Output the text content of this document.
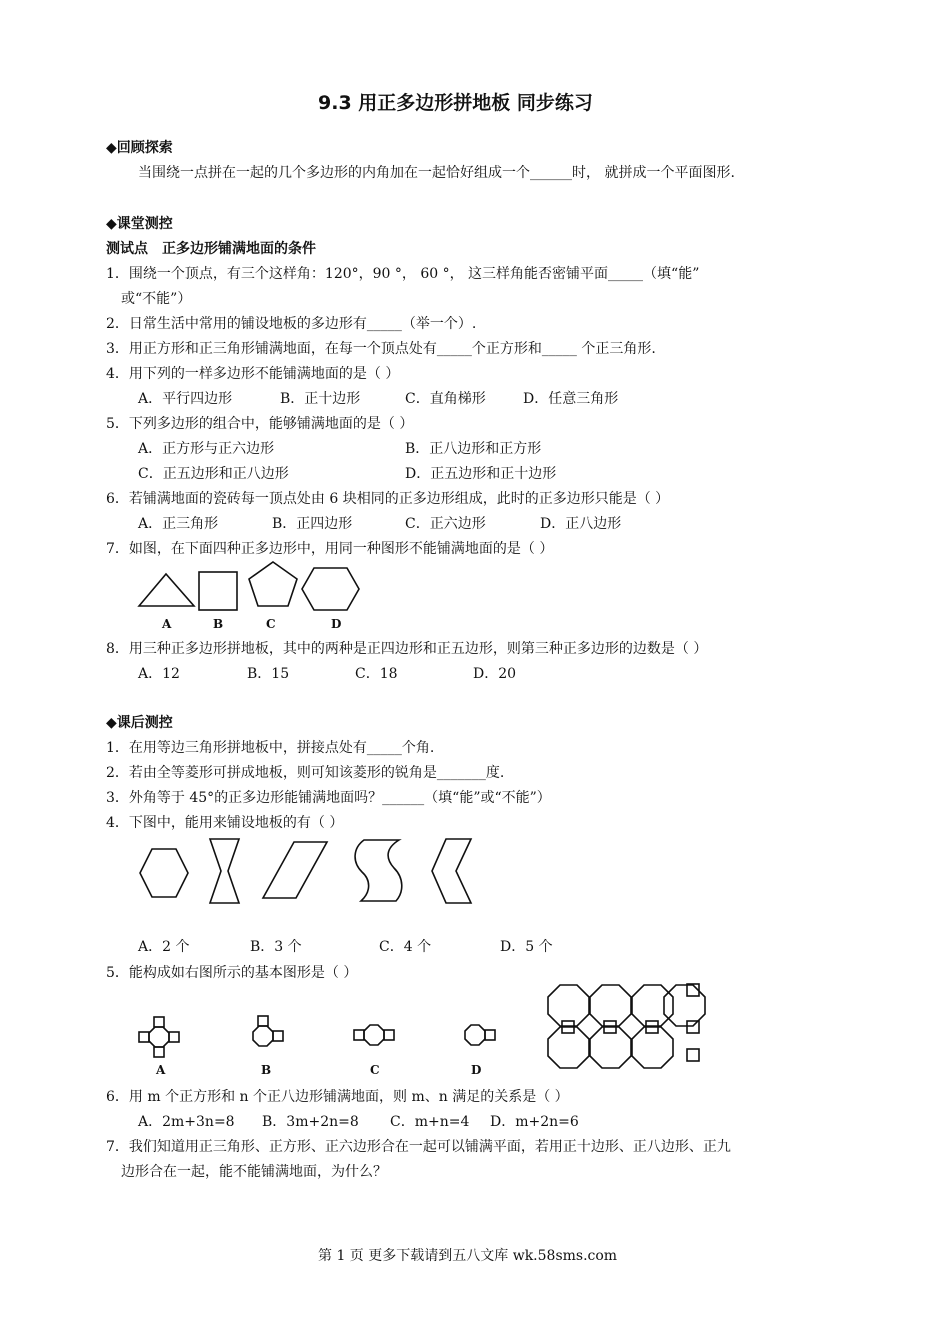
9.3 用正多边形拼地板 同步练习
◆回顾探索
当围绕一点拼在一起的几个多边形的内角加在一起恰好组成一个______时， 就拼成一个平面图形.
◆课堂测控
测试点　正多边形铺满地面的条件
1．围绕一个顶点，有三个这样角：120°，90 °， 60 °， 这三样角能否密铺平面_____（填“能”
或“不能”）
2．日常生活中常用的铺设地板的多边形有_____（举一个）.
3．用正方形和正三角形铺满地面，在每一个顶点处有_____个正方形和_____ 个正三角形.
4．用下列的一样多边形不能铺满地面的是（ ）
A．平行四边形	B．正十边形	C．直角梯形	D．任意三角形
5．下列多边形的组合中，能够铺满地面的是（ ）
A．正方形与正六边形	B．正八边形和正方形
C．正五边形和正八边形	D．正五边形和正十边形
6．若铺满地面的瓷砖每一顶点处由 6 块相同的正多边形组成，此时的正多边形只能是（ ）
A．正三角形	B．正四边形	C．正六边形	D．正八边形
7．如图，在下面四种正多边形中，用同一种图形不能铺满地面的是（ ）
A	B	C	D
8．用三种正多边形拼地板，其中的两种是正四边形和正五边形，则第三种正多边形的边数是（ ）
A．12	B．15	C．18	D．20
◆课后测控
1．在用等边三角形拼地板中，拼接点处有_____个角.
2．若由全等菱形可拼成地板，则可知该菱形的锐角是_______度.
3．外角等于 45°的正多边形能铺满地面吗？______（填“能”或“不能”）
4．下图中，能用来铺设地板的有（ ）
A．2 个	B．3 个	C．4 个	D．5 个
5．能构成如右图所示的基本图形是（ ）
A	B	C	D
6．用 m 个正方形和 n 个正八边形铺满地面，则 m、n 满足的关系是（ ）
A．2m+3n=8 B．3m+2n=8 C．m+n=4 D．m+2n=6
7．我们知道用正三角形、正方形、正六边形合在一起可以铺满平面，若用正十边形、正八边形、正九
边形合在一起，能不能铺满地面，为什么？
第 1 页 更多下载请到五八文库 wk.58sms.com
